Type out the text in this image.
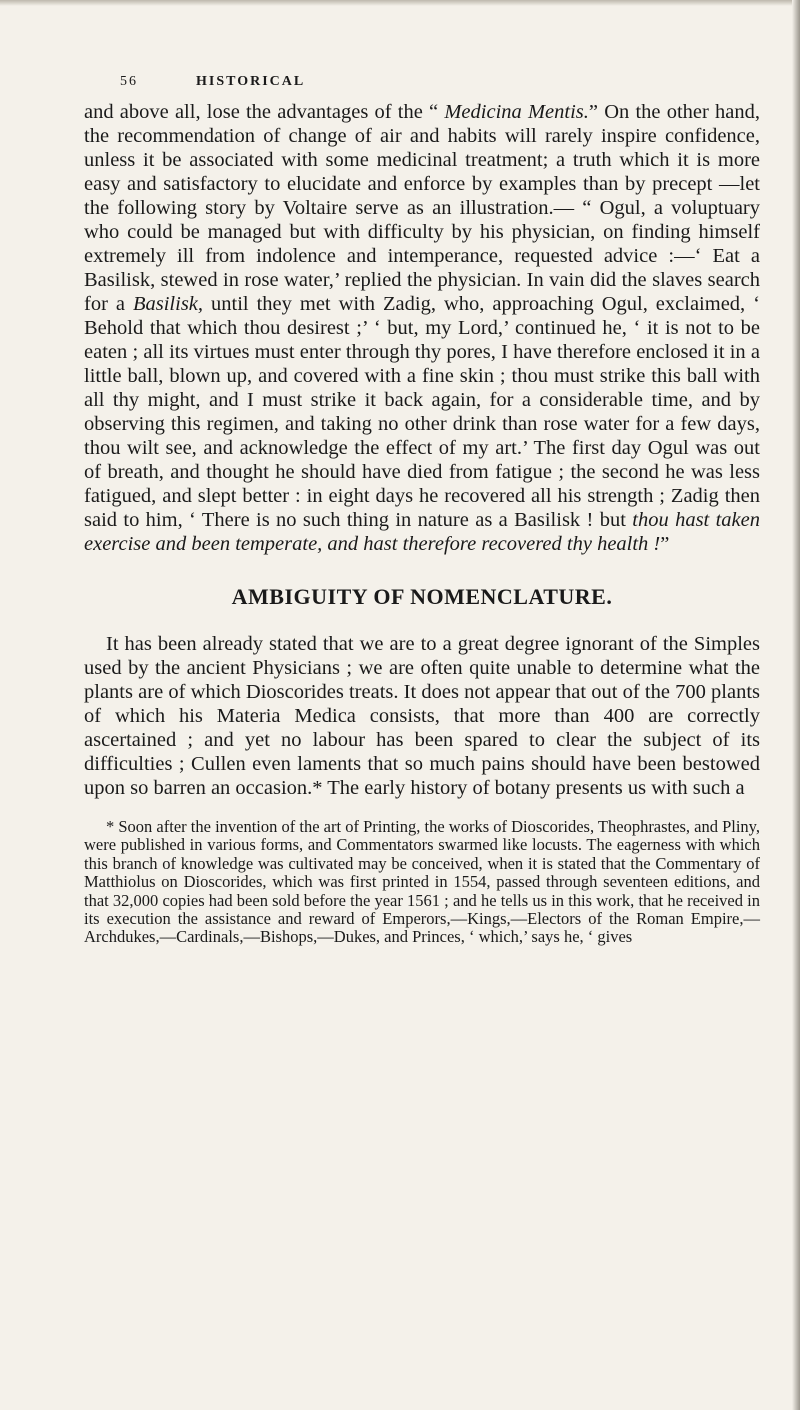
56	HISTORICAL

and above all, lose the advantages of the “ Medicina Mentis.” On the other hand, the recommendation of change of air and habits will rarely inspire confidence, unless it be associated with some medicinal treatment; a truth which it is more easy and satisfactory to elucidate and enforce by examples than by precept —let the following story by Voltaire serve as an illustration.— “ Ogul, a voluptuary who could be managed but with difficulty by his physician, on finding himself extremely ill from indolence and intemperance, requested advice :—‘ Eat a Basilisk, stewed in rose water,’ replied the physician. In vain did the slaves search for a Basilisk, until they met with Zadig, who, approaching Ogul, exclaimed, ‘ Behold that which thou desirest ;’ ‘ but, my Lord,’ continued he, ‘ it is not to be eaten ; all its virtues must enter through thy pores, I have therefore enclosed it in a little ball, blown up, and covered with a fine skin ; thou must strike this ball with all thy might, and I must strike it back again, for a considerable time, and by observing this regimen, and taking no other drink than rose water for a few days, thou wilt see, and acknowledge the effect of my art.’ The first day Ogul was out of breath, and thought he should have died from fatigue ; the second he was less fatigued, and slept better : in eight days he recovered all his strength ; Zadig then said to him, ‘ There is no such thing in nature as a Basilisk ! but thou hast taken exercise and been temperate, and hast therefore recovered thy health !”

AMBIGUITY OF NOMENCLATURE.

It has been already stated that we are to a great degree ignorant of the Simples used by the ancient Physicians ; we are often quite unable to determine what the plants are of which Dioscorides treats. It does not appear that out of the 700 plants of which his Materia Medica consists, that more than 400 are correctly ascertained ; and yet no labour has been spared to clear the subject of its difficulties ; Cullen even laments that so much pains should have been bestowed upon so barren an occasion.* The early history of botany presents us with such a

* Soon after the invention of the art of Printing, the works of Dioscorides, Theophrastes, and Pliny, were published in various forms, and Commentators swarmed like locusts. The eagerness with which this branch of knowledge was cultivated may be conceived, when it is stated that the Commentary of Matthiolus on Dioscorides, which was first printed in 1554, passed through seventeen editions, and that 32,000 copies had been sold before the year 1561 ; and he tells us in this work, that he received in its execution the assistance and reward of Emperors,—Kings,—Electors of the Roman Empire,—Archdukes,—Cardinals,—Bishops,—Dukes, and Princes, ‘ which,’ says he, ‘ gives
